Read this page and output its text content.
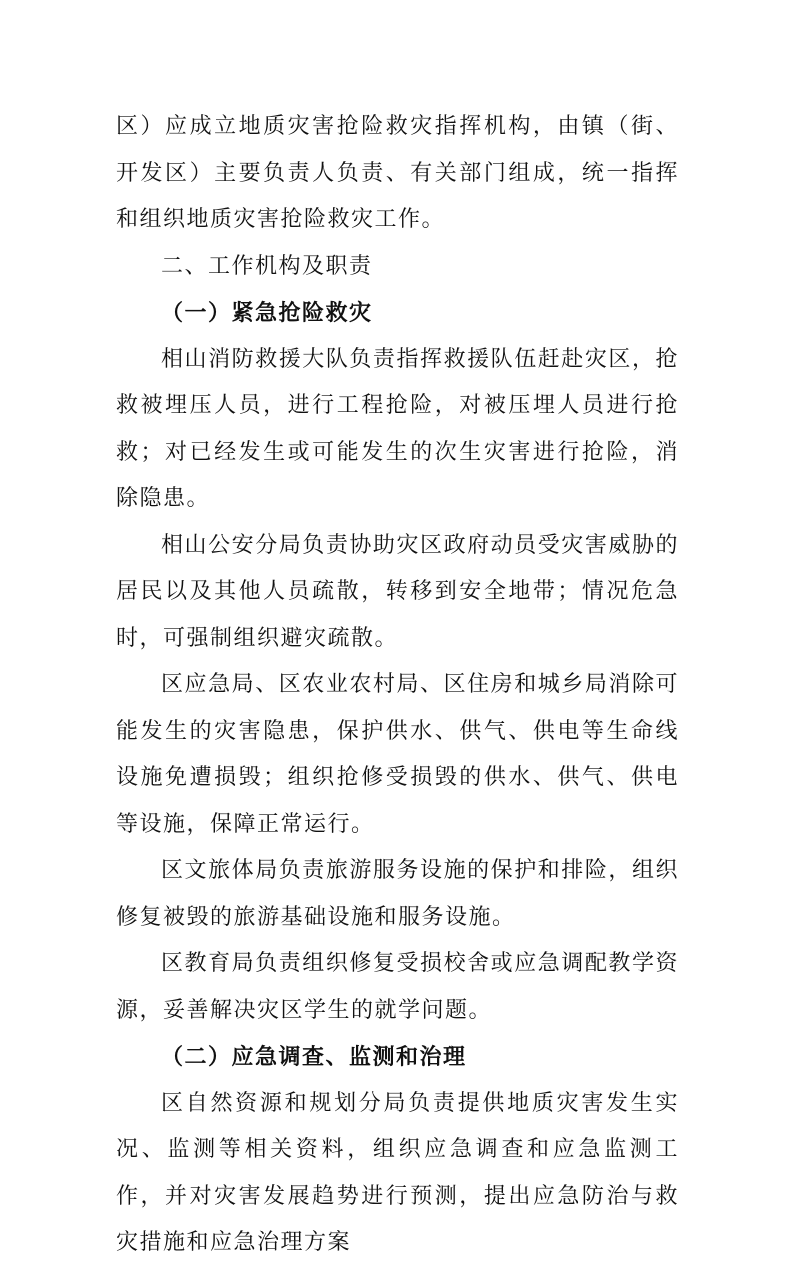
区）应成立地质灾害抢险救灾指挥机构，由镇（街、开发区）主要负责人负责、有关部门组成，统一指挥和组织地质灾害抢险救灾工作。

二、工作机构及职责

（一）紧急抢险救灾

相山消防救援大队负责指挥救援队伍赶赴灾区，抢救被埋压人员，进行工程抢险，对被压埋人员进行抢救；对已经发生或可能发生的次生灾害进行抢险，消除隐患。

相山公安分局负责协助灾区政府动员受灾害威胁的居民以及其他人员疏散，转移到安全地带；情况危急时，可强制组织避灾疏散。

区应急局、区农业农村局、区住房和城乡局消除可能发生的灾害隐患，保护供水、供气、供电等生命线设施免遭损毁；组织抢修受损毁的供水、供气、供电等设施，保障正常运行。

区文旅体局负责旅游服务设施的保护和排险，组织修复被毁的旅游基础设施和服务设施。

区教育局负责组织修复受损校舍或应急调配教学资源，妥善解决灾区学生的就学问题。

（二）应急调查、监测和治理

区自然资源和规划分局负责提供地质灾害发生实况、监测等相关资料，组织应急调查和应急监测工作，并对灾害发展趋势进行预测，提出应急防治与救灾措施和应急治理方案
